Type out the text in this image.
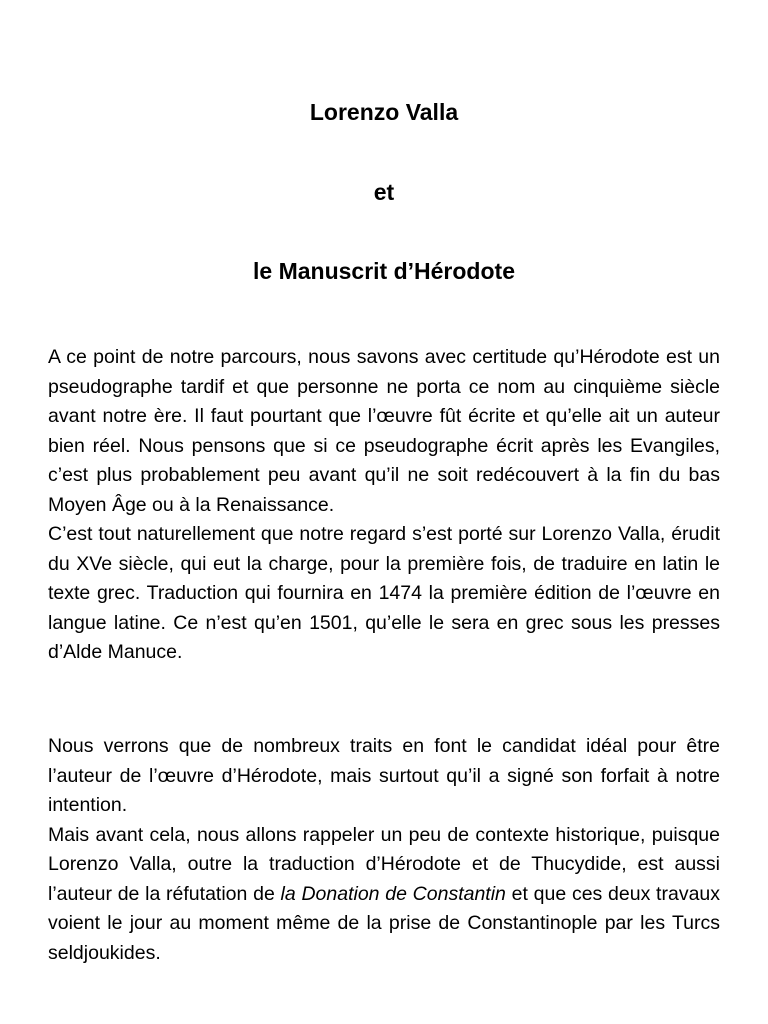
Lorenzo Valla
et
le Manuscrit d’Hérodote

A ce point de notre parcours, nous savons avec certitude qu’Hérodote est un pseudographe tardif et que personne ne porta ce nom au cinquième siècle avant notre ère. Il faut pourtant que l’œuvre fût écrite et qu’elle ait un auteur bien réel. Nous pensons que si ce pseudographe écrit après les Evangiles, c’est plus probablement peu avant qu’il ne soit redécouvert à la fin du bas Moyen Âge ou à la Renaissance.

C’est tout naturellement que notre regard s’est porté sur Lorenzo Valla, érudit du XVe siècle, qui eut la charge, pour la première fois, de traduire en latin le texte grec. Traduction qui fournira en 1474 la première édition de l’œuvre en langue latine. Ce n’est qu’en 1501, qu’elle le sera en grec sous les presses d’Alde Manuce.

Nous verrons que de nombreux traits en font le candidat idéal pour être l’auteur de l’œuvre d’Hérodote, mais surtout qu’il a signé son forfait à notre intention.

Mais avant cela, nous allons rappeler un peu de contexte historique, puisque Lorenzo Valla, outre la traduction d’Hérodote et de Thucydide, est aussi l’auteur de la réfutation de la Donation de Constantin et que ces deux travaux voient le jour au moment même de la prise de Constantinople par les Turcs seldjoukides.
